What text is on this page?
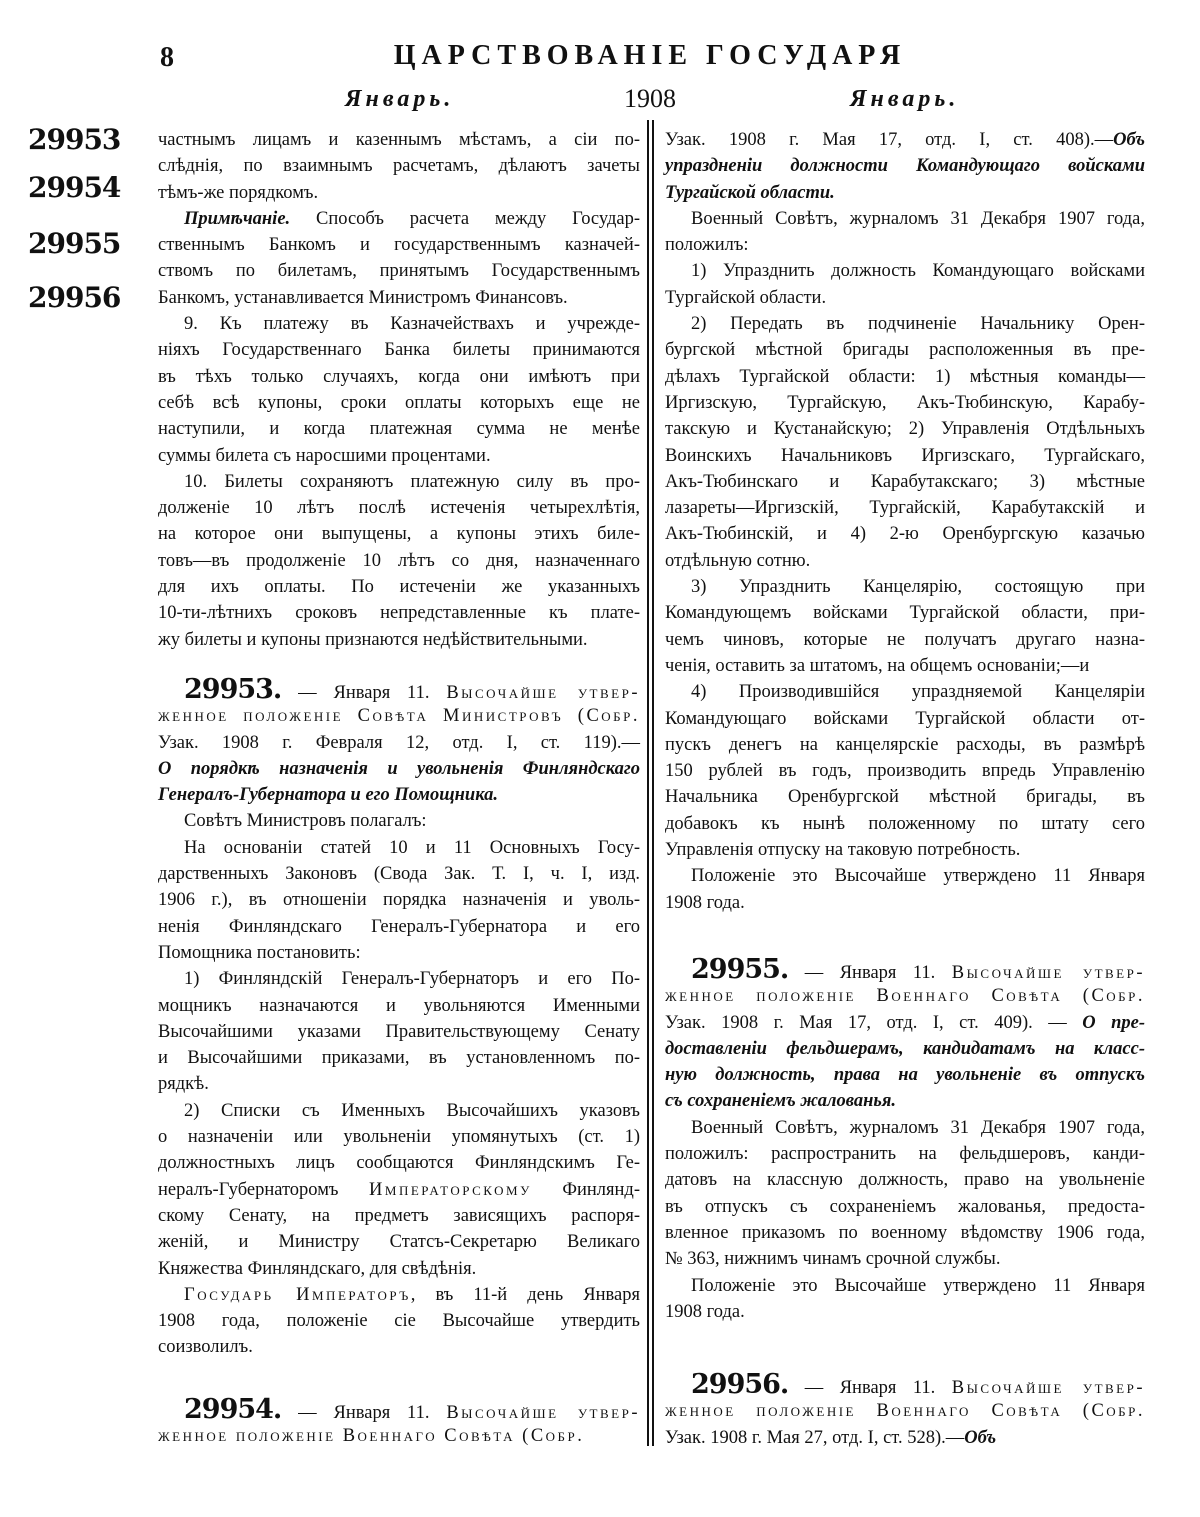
8	ЦАРСТВОВАНІЕ ГОСУДАРЯ
Январь.	1908	Январь.
29953
29954
29955
29956
частнымъ лицамъ и казеннымъ мѣстамъ, а сіи по-
слѣднія, по взаимнымъ расчетамъ, дѣлаютъ зачеты
тѣмъ-же порядкомъ.
Примѣчаніе. Способъ расчета между Государ-
ственнымъ Банкомъ и государственнымъ казначей-
ствомъ по билетамъ, принятымъ Государственнымъ
Банкомъ, устанавливается Министромъ Финансовъ.
9. Къ платежу въ Казначействахъ и учрежде-
ніяхъ Государственнаго Банка билеты принимаются
въ тѣхъ только случаяхъ, когда они имѣютъ при
себѣ всѣ купоны, сроки оплаты которыхъ еще не
наступили, и когда платежная сумма не менѣе
суммы билета съ наросшими процентами.
10. Билеты сохраняютъ платежную силу въ про-
долженіе 10 лѣтъ послѣ истеченія четырехлѣтія,
на которое они выпущены, а купоны этихъ биле-
товъ—въ продолженіе 10 лѣтъ со дня, назначеннаго
для ихъ оплаты. По истеченіи же указанныхъ
10-ти-лѣтнихъ сроковъ непредставленные къ плате-
жу билеты и купоны признаются недѣйствительными.
29953. — Января 11. Высочайше утвер-
женное положеніе Совѣта Министровъ (Собр.
Узак. 1908 г. Февраля 12, отд. I, ст. 119).—
О порядкѣ назначенія и увольненія Финляндскаго
Генералъ-Губернатора и его Помощника.
Совѣтъ Министровъ полагалъ:
На основаніи статей 10 и 11 Основныхъ Госу-
дарственныхъ Законовъ (Свода Зак. Т. I, ч. I, изд.
1906 г.), въ отношеніи порядка назначенія и уволь-
ненія Финляндскаго Генералъ-Губернатора и его
Помощника постановить:
1) Финляндскій Генералъ-Губернаторъ и его По-
мощникъ назначаются и увольняются Именными
Высочайшими указами Правительствующему Сенату
и Высочайшими приказами, въ установленномъ по-
рядкѣ.
2) Списки съ Именныхъ Высочайшихъ указовъ
о назначеніи или увольненіи упомянутыхъ (ст. 1)
должностныхъ лицъ сообщаются Финляндскимъ Ге-
нералъ-Губернаторомъ Императорскому Финлянд-
скому Сенату, на предметъ зависящихъ распоря-
женій, и Министру Статсъ-Секретарю Великаго
Княжества Финляндскаго, для свѣдѣнія.
Государь Императоръ, въ 11-й день Января
1908 года, положеніе сіе Высочайше утвердить
соизволилъ.
29954. — Января 11. Высочайше утвер-
женное положеніе Военнаго Совѣта (Собр.
Узак. 1908 г. Мая 17, отд. I, ст. 408).—Объ
упраздненіи должности Командующаго войсками
Тургайской области.
Военный Совѣтъ, журналомъ 31 Декабря 1907 года,
положилъ:
1) Упразднить должность Командующаго войсками
Тургайской области.
2) Передать въ подчиненіе Начальнику Орен-
бургской мѣстной бригады расположенныя въ пре-
дѣлахъ Тургайской области: 1) мѣстныя команды—
Иргизскую, Тургайскую, Акъ-Тюбинскую, Карабу-
такскую и Кустанайскую; 2) Управленія Отдѣльныхъ
Воинскихъ Начальниковъ Иргизскаго, Тургайскаго,
Акъ-Тюбинскаго и Карабутакскаго; 3) мѣстные
лазареты—Иргизскій, Тургайскій, Карабутакскій и
Акъ-Тюбинскій, и 4) 2-ю Оренбургскую казачью
отдѣльную сотню.
3) Упразднить Канцелярію, состоящую при
Командующемъ войсками Тургайской области, при-
чемъ чиновъ, которые не получатъ другаго назна-
ченія, оставить за штатомъ, на общемъ основаніи;—и
4) Производившійся упраздняемой Канцеляріи
Командующаго войсками Тургайской области от-
пускъ денегъ на канцелярскіе расходы, въ размѣрѣ
150 рублей въ годъ, производить впредь Управленію
Начальника Оренбургской мѣстной бригады, въ
добавокъ къ нынѣ положенному по штату сего
Управленія отпуску на таковую потребность.
Положеніе это Высочайше утверждено 11 Января
1908 года.
29955. — Января 11. Высочайше утвер-
женное положеніе Военнаго Совѣта (Собр.
Узак. 1908 г. Мая 17, отд. I, ст. 409). — О пре-
доставленіи фельдшерамъ, кандидатамъ на класс-
ную должность, права на увольненіе въ отпускъ
съ сохраненіемъ жалованья.
Военный Совѣтъ, журналомъ 31 Декабря 1907 года,
положилъ: распространить на фельдшеровъ, канди-
датовъ на классную должность, право на увольненіе
въ отпускъ съ сохраненіемъ жалованья, предоста-
вленное приказомъ по военному вѣдомству 1906 года,
№ 363, нижнимъ чинамъ срочной службы.
Положеніе это Высочайше утверждено 11 Января
1908 года.
29956. — Января 11. Высочайше утвер-
женное положеніе Военнаго Совѣта (Собр.
Узак. 1908 г. Мая 27, отд. I, ст. 528).—Объ
